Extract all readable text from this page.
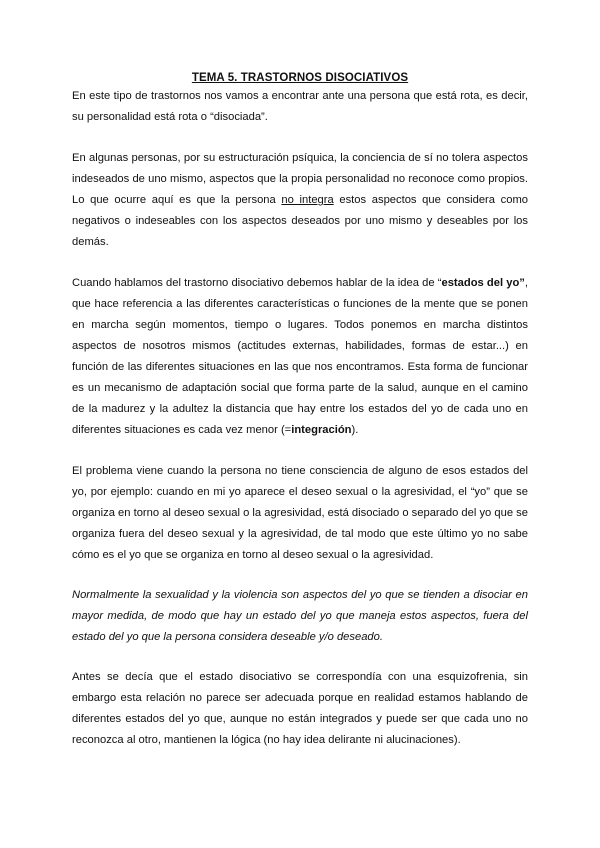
TEMA 5. TRASTORNOS DISOCIATIVOS

En este tipo de trastornos nos vamos a encontrar ante una persona que está rota, es decir, su personalidad está rota o “disociada”.

En algunas personas, por su estructuración psíquica, la conciencia de sí no tolera aspectos indeseados de uno mismo, aspectos que la propia personalidad no reconoce como propios. Lo que ocurre aquí es que la persona no integra estos aspectos que considera como negativos o indeseables con los aspectos deseados por uno mismo y deseables por los demás.

Cuando hablamos del trastorno disociativo debemos hablar de la idea de “estados del yo”, que hace referencia a las diferentes características o funciones de la mente que se ponen en marcha según momentos, tiempo o lugares. Todos ponemos en marcha distintos aspectos de nosotros mismos (actitudes externas, habilidades, formas de estar...) en función de las diferentes situaciones en las que nos encontramos. Esta forma de funcionar es un mecanismo de adaptación social que forma parte de la salud, aunque en el camino de la madurez y la adultez la distancia que hay entre los estados del yo de cada uno en diferentes situaciones es cada vez menor (=integración).

El problema viene cuando la persona no tiene consciencia de alguno de esos estados del yo, por ejemplo: cuando en mi yo aparece el deseo sexual o la agresividad, el “yo” que se organiza en torno al deseo sexual o la agresividad, está disociado o separado del yo que se organiza fuera del deseo sexual y la agresividad, de tal modo que este último yo no sabe cómo es el yo que se organiza en torno al deseo sexual o la agresividad.

Normalmente la sexualidad y la violencia son aspectos del yo que se tienden a disociar en mayor medida, de modo que hay un estado del yo que maneja estos aspectos, fuera del estado del yo que la persona considera deseable y/o deseado.

Antes se decía que el estado disociativo se correspondía con una esquizofrenia, sin embargo esta relación no parece ser adecuada porque en realidad estamos hablando de diferentes estados del yo que, aunque no están integrados y puede ser que cada uno no reconozca al otro, mantienen la lógica (no hay idea delirante ni alucinaciones).
